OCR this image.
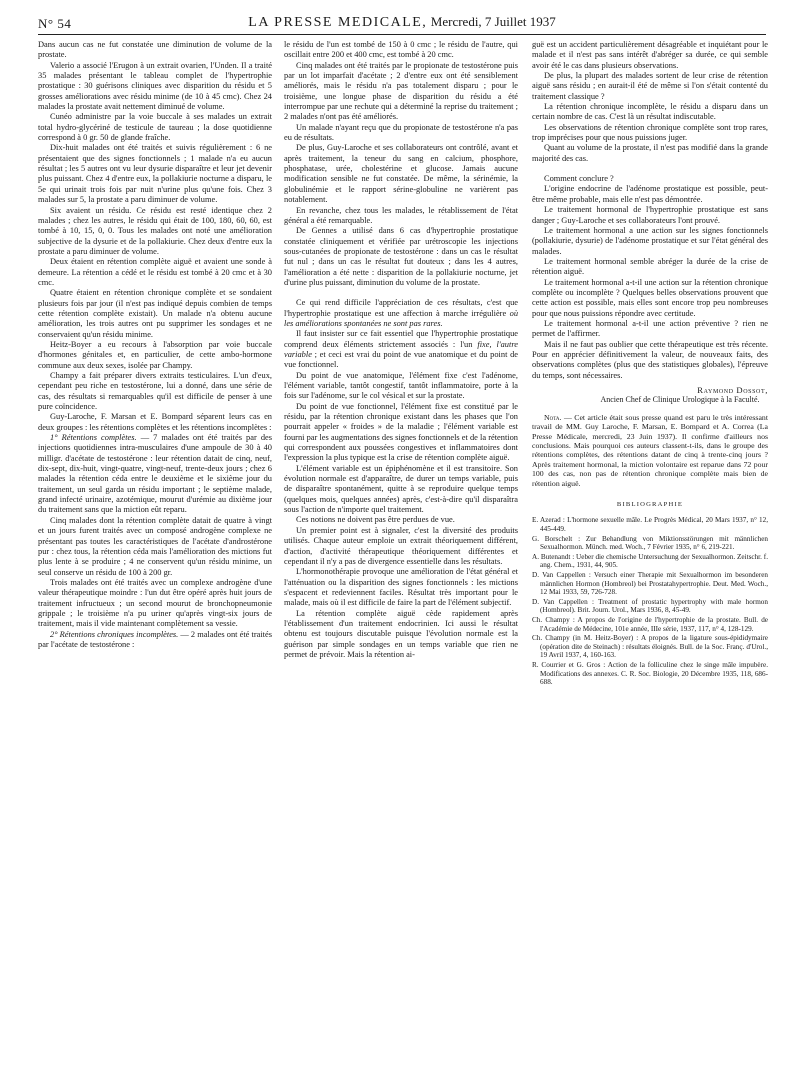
N° 54	LA PRESSE MEDICALE, Mercredi, 7 Juillet 1937

Dans aucun cas ne fut constatée une diminution de volume de la prostate.

Valerio a associé l'Erugon à un extrait ovarien, l'Unden. Il a traité 35 malades présentant le tableau complet de l'hypertrophie prostatique : 30 guérisons cliniques avec disparition du résidu et 5 grosses améliorations avec résidu minime (de 10 à 45 cmc). Chez 24 malades la prostate avait nettement diminué de volume.

Cunéo administre par la voie buccale à ses malades un extrait total hydro-glycériné de testicule de taureau ; la dose quotidienne correspond à 0 gr. 50 de glande fraîche.

Dix-huit malades ont été traités et suivis régulièrement : 6 ne présentaient que des signes fonctionnels ; 1 malade n'a eu aucun résultat ; les 5 autres ont vu leur dysurie disparaître et leur jet devenir plus puissant. Chez 4 d'entre eux, la pollakiurie nocturne a disparu, le 5e qui urinait trois fois par nuit n'urine plus qu'une fois. Chez 3 malades sur 5, la prostate a paru diminuer de volume.

Six avaient un résidu. Ce résidu est resté identique chez 2 malades ; chez les autres, le résidu qui était de 100, 180, 60, 60, est tombé à 10, 15, 0, 0. Tous les malades ont noté une amélioration subjective de la dysurie et de la pollakiurie. Chez deux d'entre eux la prostate a paru diminuer de volume.

Deux étaient en rétention complète aiguë et avaient une sonde à demeure. La rétention a cédé et le résidu est tombé à 20 cmc et à 30 cmc.

Quatre étaient en rétention chronique complète et se sondaient plusieurs fois par jour (il n'est pas indiqué depuis combien de temps cette rétention complète existait). Un malade n'a obtenu aucune amélioration, les trois autres ont pu supprimer les sondages et ne conservaient qu'un résidu minime.

Heitz-Boyer a eu recours à l'absorption par voie buccale d'hormones génitales et, en particulier, de cette ambo-hormone commune aux deux sexes, isolée par Champy.

Champy a fait préparer divers extraits testiculaires. L'un d'eux, cependant peu riche en testostérone, lui a donné, dans une série de cas, des résultats si remarquables qu'il est difficile de penser à une pure coïncidence.

Guy-Laroche, F. Marsan et E. Bompard séparent leurs cas en deux groupes : les rétentions complètes et les rétentions incomplètes :

1° Rétentions complètes. — 7 malades ont été traités par des injections quotidiennes intra-musculaires d'une ampoule de 30 à 40 milligr. d'acétate de testostérone : leur rétention datait de cinq, neuf, dix-sept, dix-huit, vingt-quatre, vingt-neuf, trente-deux jours ; chez 6 malades la rétention céda entre le deuxième et le sixième jour du traitement, un seul garda un résidu important ; le septième malade, grand infecté urinaire, azotémique, mourut d'urémie au dixième jour du traitement sans que la miction eût reparu.

Cinq malades dont la rétention complète datait de quatre à vingt et un jours furent traités avec un composé androgène complexe ne présentant pas toutes les caractéristiques de l'acétate d'androstérone pur : chez tous, la rétention céda mais l'amélioration des mictions fut plus lente à se produire ; 4 ne conservent qu'un résidu minime, un seul conserve un résidu de 100 à 200 gr.

Trois malades ont été traités avec un complexe androgène d'une valeur thérapeutique moindre : l'un dut être opéré après huit jours de traitement infructueux ; un second mourut de bronchopneumonie grippale ; le troisième n'a pu uriner qu'après vingt-six jours de traitement, mais il vide maintenant complètement sa vessie.

2° Rétentions chroniques incomplètes. — 2 malades ont été traités par l'acétate de testostérone :

le résidu de l'un est tombé de 150 à 0 cmc ; le résidu de l'autre, qui oscillait entre 200 et 400 cmc, est tombé à 20 cmc.

Cinq malades ont été traités par le propionate de testostérone puis par un lot imparfait d'acétate ; 2 d'entre eux ont été sensiblement améliorés, mais le résidu n'a pas totalement disparu ; pour le troisième, une longue phase de disparition du résidu a été interrompue par une rechute qui a déterminé la reprise du traitement ; 2 malades n'ont pas été améliorés.

Un malade n'ayant reçu que du propionate de testostérone n'a pas eu de résultats.

De plus, Guy-Laroche et ses collaborateurs ont contrôlé, avant et après traitement, la teneur du sang en calcium, phosphore, phosphatase, urée, cholestérine et glucose. Jamais aucune modification sensible ne fut constatée. De même, la sérinémie, la globulinémie et le rapport sérine-globuline ne varièrent pas notablement.

En revanche, chez tous les malades, le rétablissement de l'état général a été remarquable.

De Gennes a utilisé dans 6 cas d'hypertrophie prostatique constatée cliniquement et vérifiée par urétroscopie les injections sous-cutanées de propionate de testostérone : dans un cas le résultat fut nul ; dans un cas le résultat fut douteux ; dans les 4 autres, l'amélioration a été nette : disparition de la pollakiurie nocturne, jet d'urine plus puissant, diminution du volume de la prostate.

Ce qui rend difficile l'appréciation de ces résultats, c'est que l'hypertrophie prostatique est une affection à marche irrégulière où les améliorations spontanées ne sont pas rares.

Il faut insister sur ce fait essentiel que l'hypertrophie prostatique comprend deux éléments strictement associés : l'un fixe, l'autre variable ; et ceci est vrai du point de vue anatomique et du point de vue fonctionnel.

Du point de vue anatomique, l'élément fixe c'est l'adénome, l'élément variable, tantôt congestif, tantôt inflammatoire, porte à la fois sur l'adénome, sur le col vésical et sur la prostate.

Du point de vue fonctionnel, l'élément fixe est constitué par le résidu, par la rétention chronique existant dans les phases que l'on pourrait appeler « froides » de la maladie ; l'élément variable est fourni par les augmentations des signes fonctionnels et de la rétention qui correspondent aux poussées congestives et inflammatoires dont l'expression la plus typique est la crise de rétention complète aiguë.

L'élément variable est un épiphénomène et il est transitoire. Son évolution normale est d'apparaître, de durer un temps variable, puis de disparaître spontanément, quitte à se reproduire quelque temps (quelques mois, quelques années) après, c'est-à-dire qu'il disparaîtra sous l'action de n'importe quel traitement.

Ces notions ne doivent pas être perdues de vue.

Un premier point est à signaler, c'est la diversité des produits utilisés. Chaque auteur emploie un extrait théoriquement différent, d'action, d'activité thérapeutique théoriquement différentes et cependant il n'y a pas de divergence essentielle dans les résultats.

L'hormonothérapie provoque une amélioration de l'état général et l'atténuation ou la disparition des signes fonctionnels : les mictions s'espacent et redeviennent faciles. Résultat très important pour le malade, mais où il est difficile de faire la part de l'élément subjectif.

La rétention complète aiguë cède rapidement après l'établissement d'un traitement endocrinien. Ici aussi le résultat obtenu est toujours discutable puisque l'évolution normale est la guérison par simple sondages en un temps variable que rien ne permet de prévoir. Mais la rétention ai-

guë est un accident particulièrement désagréable et inquiétant pour le malade et il n'est pas sans intérêt d'abréger sa durée, ce qui semble avoir été le cas dans plusieurs observations.

De plus, la plupart des malades sortent de leur crise de rétention aiguë sans résidu ; en aurait-il été de même si l'on s'était contenté du traitement classique ?

La rétention chronique incomplète, le résidu a disparu dans un certain nombre de cas. C'est là un résultat indiscutable.

Les observations de rétention chronique complète sont trop rares, trop imprécises pour que nous puissions juger.

Quant au volume de la prostate, il n'est pas modifié dans la grande majorité des cas.

Comment conclure ?

L'origine endocrine de l'adénome prostatique est possible, peut-être même probable, mais elle n'est pas démontrée.

Le traitement hormonal de l'hypertrophie prostatique est sans danger ; Guy-Laroche et ses collaborateurs l'ont prouvé.

Le traitement hormonal a une action sur les signes fonctionnels (pollakiurie, dysurie) de l'adénome prostatique et sur l'état général des malades.

Le traitement hormonal semble abréger la durée de la crise de rétention aiguë.

Le traitement hormonal a-t-il une action sur la rétention chronique complète ou incomplète ? Quelques belles observations prouvent que cette action est possible, mais elles sont encore trop peu nombreuses pour que nous puissions répondre avec certitude.

Le traitement hormonal a-t-il une action préventive ? rien ne permet de l'affirmer.

Mais il ne faut pas oublier que cette thérapeutique est très récente. Pour en apprécier définitivement la valeur, de nouveaux faits, des observations complètes (plus que des statistiques globales), l'épreuve du temps, sont nécessaires.

Raymond Dossot,
Ancien Chef de Clinique Urologique à la Faculté.
Nota. — Cet article était sous presse quand est paru le très intéressant travail de MM. Guy Laroche, F. Marsan, E. Bompard et A. Correa (La Presse Médicale, mercredi, 23 Juin 1937). Il confirme d'ailleurs nos conclusions. Mais pourquoi ces auteurs classent-t-ils, dans le groupe des rétentions complètes, des rétentions datant de cinq à trente-cinq jours ? Après traitement hormonal, la miction volontaire est reparue dans 72 pour 100 des cas, non pas de rétention chronique complète mais bien de rétention aiguë.
BIBLIOGRAPHIE
E. Azerad : L'hormone sexuelle mâle. Le Progrès Médical, 20 Mars 1937, n° 12, 445-449.
G. Borschelt : Zur Behandlung von Miktionsstörungen mit männlichen Sexualhormon. Münch. med. Woch., 7 Février 1935, n° 6, 219-221.
A. Butenandt : Ueber die chemische Untersuchung der Sexualhormon. Zeitschr. f. ang. Chem., 1931, 44, 905.
D. Van Cappellen : Versuch einer Therapie mit Sexualhormon im besonderen männlichen Hormon (Hombreol) bei Prostatahypertrophie. Deut. Med. Woch., 12 Mai 1933, 59, 726-728.
D. Van Cappellen : Treatment of prostatic hypertrophy with male hormon (Hombreol). Brit. Journ. Urol., Mars 1936, 8, 45-49.
Ch. Champy : A propos de l'origine de l'hypertrophie de la prostate. Bull. de l'Académie de Médecine, 101e année, IIIe série, 1937, 117, n° 4, 128-129.
Ch. Champy (in M. Heitz-Boyer) : A propos de la ligature sous-épididymaire (opération dite de Steinach) : résultats éloignés. Bull. de la Soc. Franç. d'Urol., 19 Avril 1937, 4, 160-163.
R. Courrier et G. Gros : Action de la folliculine chez le singe mâle impubère. Modifications des annexes. C. R. Soc. Biologie, 20 Décembre 1935, 118, 686-688.
